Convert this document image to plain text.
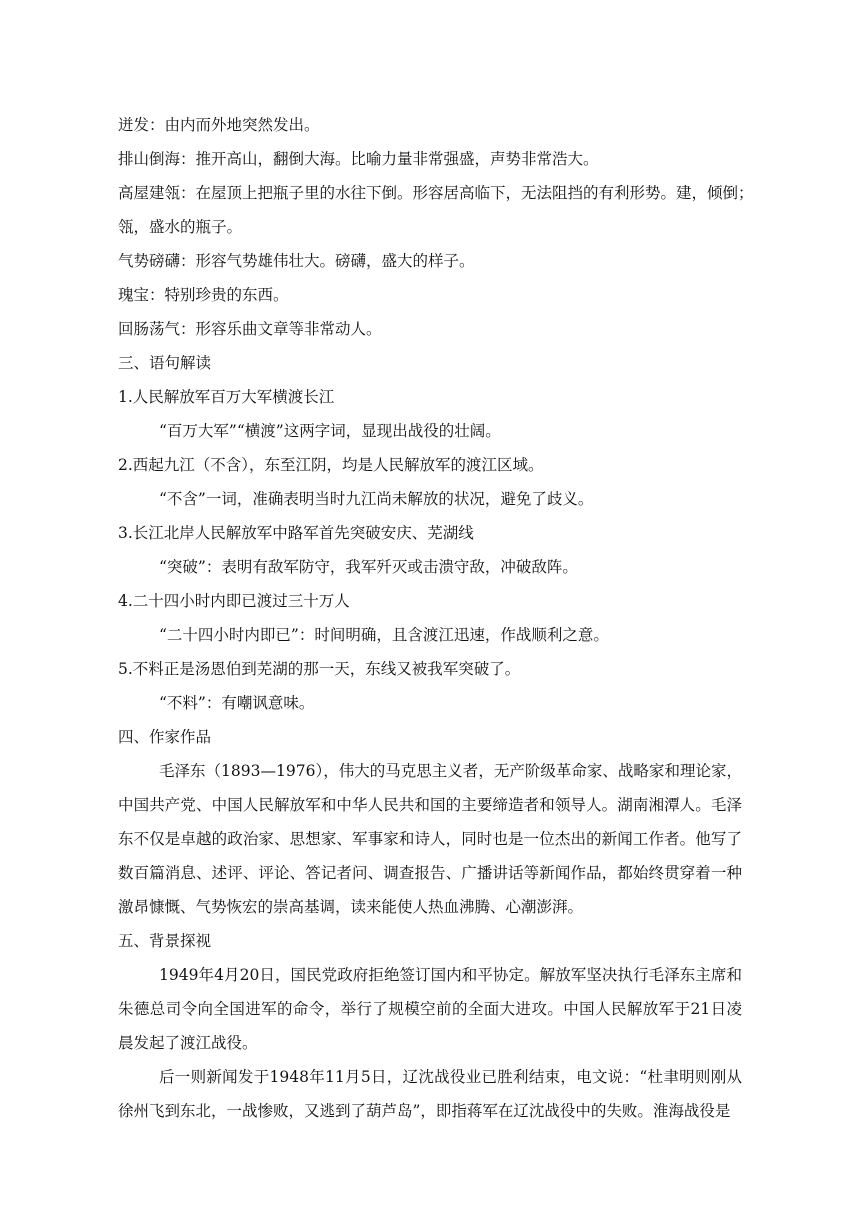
迸发：由内而外地突然发出。

排山倒海：推开高山，翻倒大海。比喻力量非常强盛，声势非常浩大。

高屋建瓴：在屋顶上把瓶子里的水往下倒。形容居高临下，无法阻挡的有利形势。建，倾倒；

瓴，盛水的瓶子。

气势磅礴：形容气势雄伟壮大。磅礴，盛大的样子。

瑰宝：特别珍贵的东西。

回肠荡气：形容乐曲文章等非常动人。

三、语句解读

1.人民解放军百万大军横渡长江

“百万大军”“横渡”这两字词，显现出战役的壮阔。

2.西起九江（不含），东至江阴，均是人民解放军的渡江区域。

“不含”一词，准确表明当时九江尚未解放的状况，避免了歧义。

3.长江北岸人民解放军中路军首先突破安庆、芜湖线

“突破”：表明有敌军防守，我军歼灭或击溃守敌，冲破敌阵。

4.二十四小时内即已渡过三十万人

“二十四小时内即已”：时间明确，且含渡江迅速，作战顺利之意。

5.不料正是汤恩伯到芜湖的那一天，东线又被我军突破了。

“不料”：有嘲讽意味。

四、作家作品

毛泽东（1893—1976），伟大的马克思主义者，无产阶级革命家、战略家和理论家，中国共产党、中国人民解放军和中华人民共和国的主要缔造者和领导人。湖南湘潭人。毛泽东不仅是卓越的政治家、思想家、军事家和诗人，同时也是一位杰出的新闻工作者。他写了数百篇消息、述评、评论、答记者问、调查报告、广播讲话等新闻作品，都始终贯穿着一种激昂慷慨、气势恢宏的崇高基调，读来能使人热血沸腾、心潮澎湃。

五、背景探视

1949年4月20日，国民党政府拒绝签订国内和平协定。解放军坚决执行毛泽东主席和朱德总司令向全国进军的命令，举行了规模空前的全面大进攻。中国人民解放军于21日凌晨发起了渡江战役。

后一则新闻发于1948年11月5日，辽沈战役业已胜利结束，电文说：“杜聿明则刚从徐州飞到东北，一战惨败，又逃到了葫芦岛”，即指蒋军在辽沈战役中的失败。淮海战役是
